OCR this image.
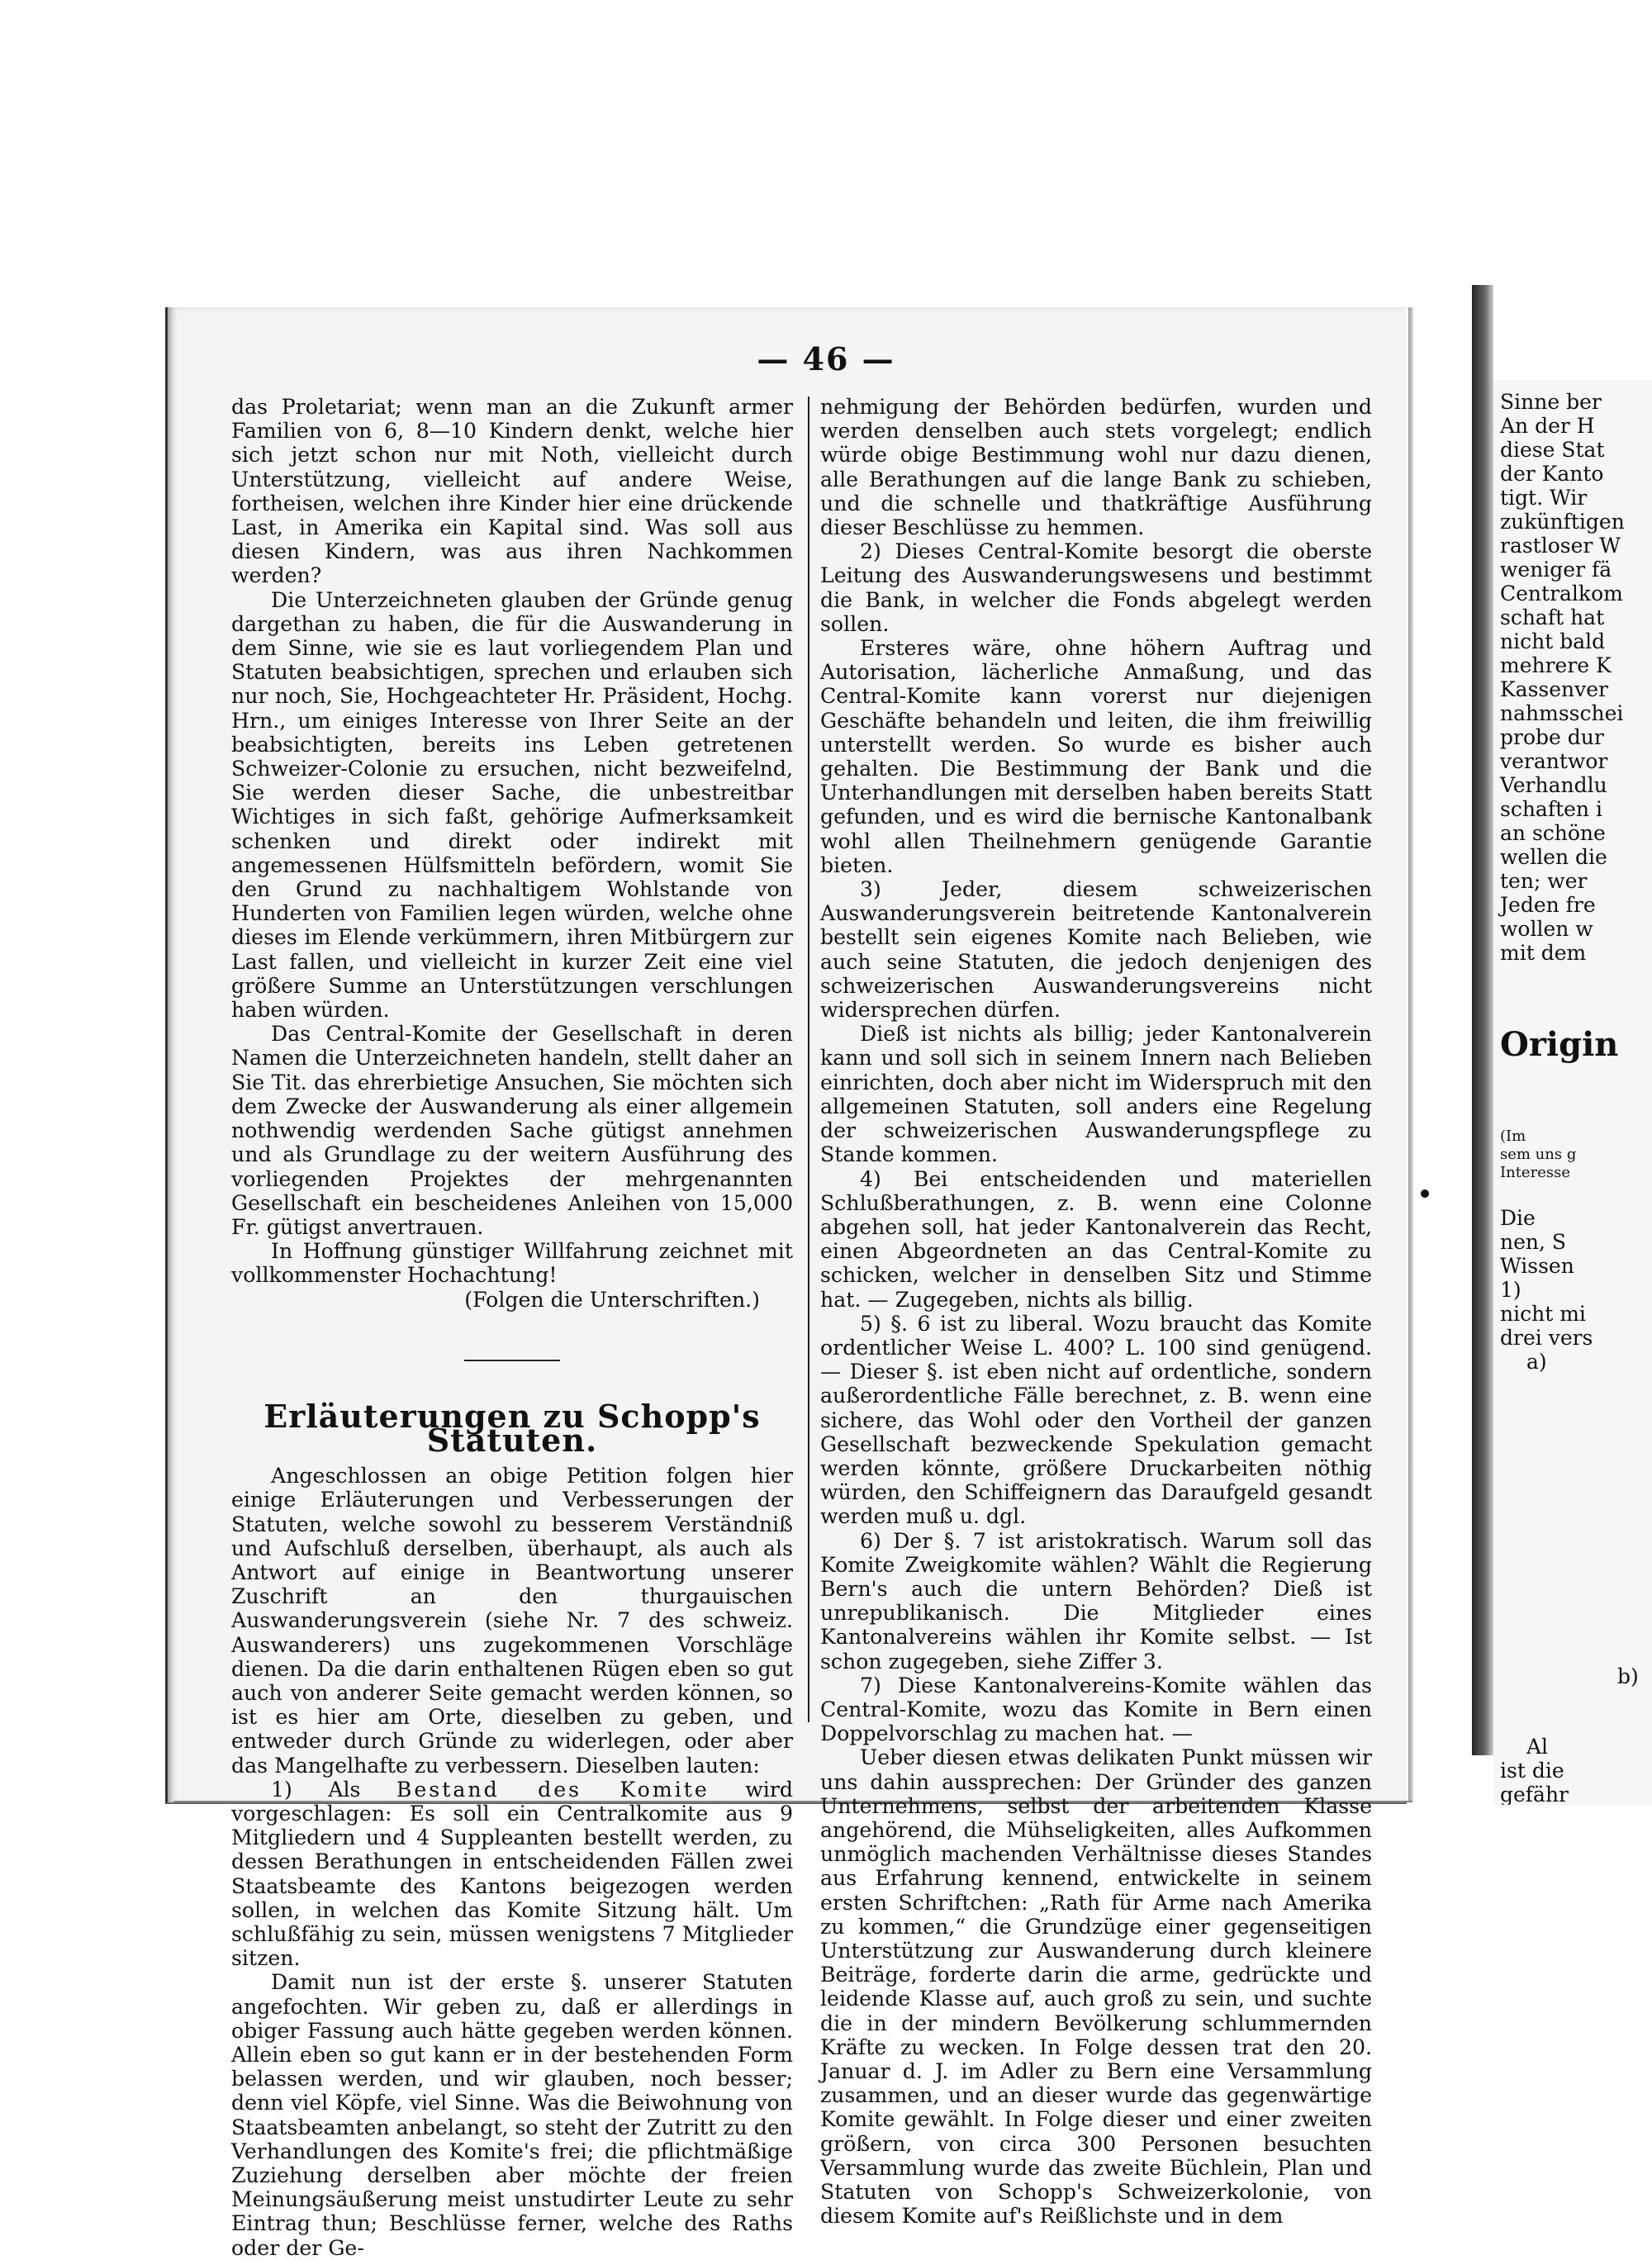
— 46 —

das Proletariat; wenn man an die Zukunft armer Familien von 6, 8—10 Kindern denkt, welche hier sich jetzt schon nur mit Noth, vielleicht durch Unterstützung, vielleicht auf andere Weise, fortheisen, welchen ihre Kinder hier eine drückende Last, in Amerika ein Kapital sind. Was soll aus diesen Kindern, was aus ihren Nachkommen werden?

Die Unterzeichneten glauben der Gründe genug dargethan zu haben, die für die Auswanderung in dem Sinne, wie sie es laut vorliegendem Plan und Statuten beabsichtigen, sprechen und erlauben sich nur noch, Sie, Hochgeachteter Hr. Präsident, Hochg. Hrn., um einiges Interesse von Ihrer Seite an der beabsichtigten, bereits ins Leben getretenen Schweizer-Colonie zu ersuchen, nicht bezweifelnd, Sie werden dieser Sache, die unbestreitbar Wichtiges in sich faßt, gehörige Aufmerksamkeit schenken und direkt oder indirekt mit angemessenen Hülfsmitteln befördern, womit Sie den Grund zu nachhaltigem Wohlstande von Hunderten von Familien legen würden, welche ohne dieses im Elende verkümmern, ihren Mitbürgern zur Last fallen, und vielleicht in kurzer Zeit eine viel größere Summe an Unterstützungen verschlungen haben würden.

Das Central-Komite der Gesellschaft in deren Namen die Unterzeichneten handeln, stellt daher an Sie Tit. das ehrerbietige Ansuchen, Sie möchten sich dem Zwecke der Auswanderung als einer allgemein nothwendig werdenden Sache gütigst annehmen und als Grundlage zu der weitern Ausführung des vorliegenden Projektes der mehrgenannten Gesellschaft ein bescheidenes Anleihen von 15,000 Fr. gütigst anvertrauen.

In Hoffnung günstiger Willfahrung zeichnet mit vollkommenster Hochachtung!

(Folgen die Unterschriften.)

Erläuterungen zu Schopp's Statuten.

Angeschlossen an obige Petition folgen hier einige Erläuterungen und Verbesserungen der Statuten, welche sowohl zu besserem Verständniß und Aufschluß derselben, überhaupt, als auch als Antwort auf einige in Beantwortung unserer Zuschrift an den thurgauischen Auswanderungsverein (siehe Nr. 7 des schweiz. Auswanderers) uns zugekommenen Vorschläge dienen. Da die darin enthaltenen Rügen eben so gut auch von anderer Seite gemacht werden können, so ist es hier am Orte, dieselben zu geben, und entweder durch Gründe zu widerlegen, oder aber das Mangelhafte zu verbessern. Dieselben lauten:

1) Als Bestand des Komite wird vorgeschlagen: Es soll ein Centralkomite aus 9 Mitgliedern und 4 Suppleanten bestellt werden, zu dessen Berathungen in entscheidenden Fällen zwei Staatsbeamte des Kantons beigezogen werden sollen, in welchen das Komite Sitzung hält. Um schlußfähig zu sein, müssen wenigstens 7 Mitglieder sitzen.

Damit nun ist der erste §. unserer Statuten angefochten. Wir geben zu, daß er allerdings in obiger Fassung auch hätte gegeben werden können. Allein eben so gut kann er in der bestehenden Form belassen werden, und wir glauben, noch besser; denn viel Köpfe, viel Sinne. Was die Beiwohnung von Staatsbeamten anbelangt, so steht der Zutritt zu den Verhandlungen des Komite's frei; die pflichtmäßige Zuziehung derselben aber möchte der freien Meinungsäußerung meist unstudirter Leute zu sehr Eintrag thun; Beschlüsse ferner, welche des Raths oder der Ge-

nehmigung der Behörden bedürfen, wurden und werden denselben auch stets vorgelegt; endlich würde obige Bestimmung wohl nur dazu dienen, alle Berathungen auf die lange Bank zu schieben, und die schnelle und thatkräftige Ausführung dieser Beschlüsse zu hemmen.

2) Dieses Central-Komite besorgt die oberste Leitung des Auswanderungswesens und bestimmt die Bank, in welcher die Fonds abgelegt werden sollen.

Ersteres wäre, ohne höhern Auftrag und Autorisation, lächerliche Anmaßung, und das Central-Komite kann vorerst nur diejenigen Geschäfte behandeln und leiten, die ihm freiwillig unterstellt werden. So wurde es bisher auch gehalten. Die Bestimmung der Bank und die Unterhandlungen mit derselben haben bereits Statt gefunden, und es wird die bernische Kantonalbank wohl allen Theilnehmern genügende Garantie bieten.

3) Jeder, diesem schweizerischen Auswanderungsverein beitretende Kantonalverein bestellt sein eigenes Komite nach Belieben, wie auch seine Statuten, die jedoch denjenigen des schweizerischen Auswanderungsvereins nicht widersprechen dürfen.

Dieß ist nichts als billig; jeder Kantonalverein kann und soll sich in seinem Innern nach Belieben einrichten, doch aber nicht im Widerspruch mit den allgemeinen Statuten, soll anders eine Regelung der schweizerischen Auswanderungspflege zu Stande kommen.

4) Bei entscheidenden und materiellen Schlußberathungen, z. B. wenn eine Colonne abgehen soll, hat jeder Kantonalverein das Recht, einen Abgeordneten an das Central-Komite zu schicken, welcher in denselben Sitz und Stimme hat. — Zugegeben, nichts als billig.

5) §. 6 ist zu liberal. Wozu braucht das Komite ordentlicher Weise L. 400? L. 100 sind genügend. — Dieser §. ist eben nicht auf ordentliche, sondern außerordentliche Fälle berechnet, z. B. wenn eine sichere, das Wohl oder den Vortheil der ganzen Gesellschaft bezweckende Spekulation gemacht werden könnte, größere Druckarbeiten nöthig würden, den Schiffeignern das Daraufgeld gesandt werden muß u. dgl.

6) Der §. 7 ist aristokratisch. Warum soll das Komite Zweigkomite wählen? Wählt die Regierung Bern's auch die untern Behörden? Dieß ist unrepublikanisch. Die Mitglieder eines Kantonalvereins wählen ihr Komite selbst. — Ist schon zugegeben, siehe Ziffer 3.

7) Diese Kantonalvereins-Komite wählen das Central-Komite, wozu das Komite in Bern einen Doppelvorschlag zu machen hat. —

Ueber diesen etwas delikaten Punkt müssen wir uns dahin aussprechen: Der Gründer des ganzen Unternehmens, selbst der arbeitenden Klasse angehörend, die Mühseligkeiten, alles Aufkommen unmöglich machenden Verhältnisse dieses Standes aus Erfahrung kennend, entwickelte in seinem ersten Schriftchen: „Rath für Arme nach Amerika zu kommen,“ die Grundzüge einer gegenseitigen Unterstützung zur Auswanderung durch kleinere Beiträge, forderte darin die arme, gedrückte und leidende Klasse auf, auch groß zu sein, und suchte die in der mindern Bevölkerung schlummernden Kräfte zu wecken. In Folge dessen trat den 20. Januar d. J. im Adler zu Bern eine Versammlung zusammen, und an dieser wurde das gegenwärtige Komite gewählt. In Folge dieser und einer zweiten größern, von circa 300 Personen besuchten Versammlung wurde das zweite Büchlein, Plan und Statuten von Schopp's Schweizerkolonie, von diesem Komite auf's Reißlichste und in dem

Sinne ber
An der H
diese Stat
der Kanto
tigt. Wir
zukünftigen
rastloser W
weniger fä
Centralkom
schaft hat
nicht bald
mehrere K
Kassenver
nahmsschei
probe dur
verantwor
Verhandlu
schaften i
an schöne
wellen die
ten; wer
Jeden fre
wollen w
mit dem
Origin
(Im
sem uns g
Interesse
Die
nen, S
Wissen
1)
nicht mi
drei vers
a)
b)
Al
ist die
gefähr
